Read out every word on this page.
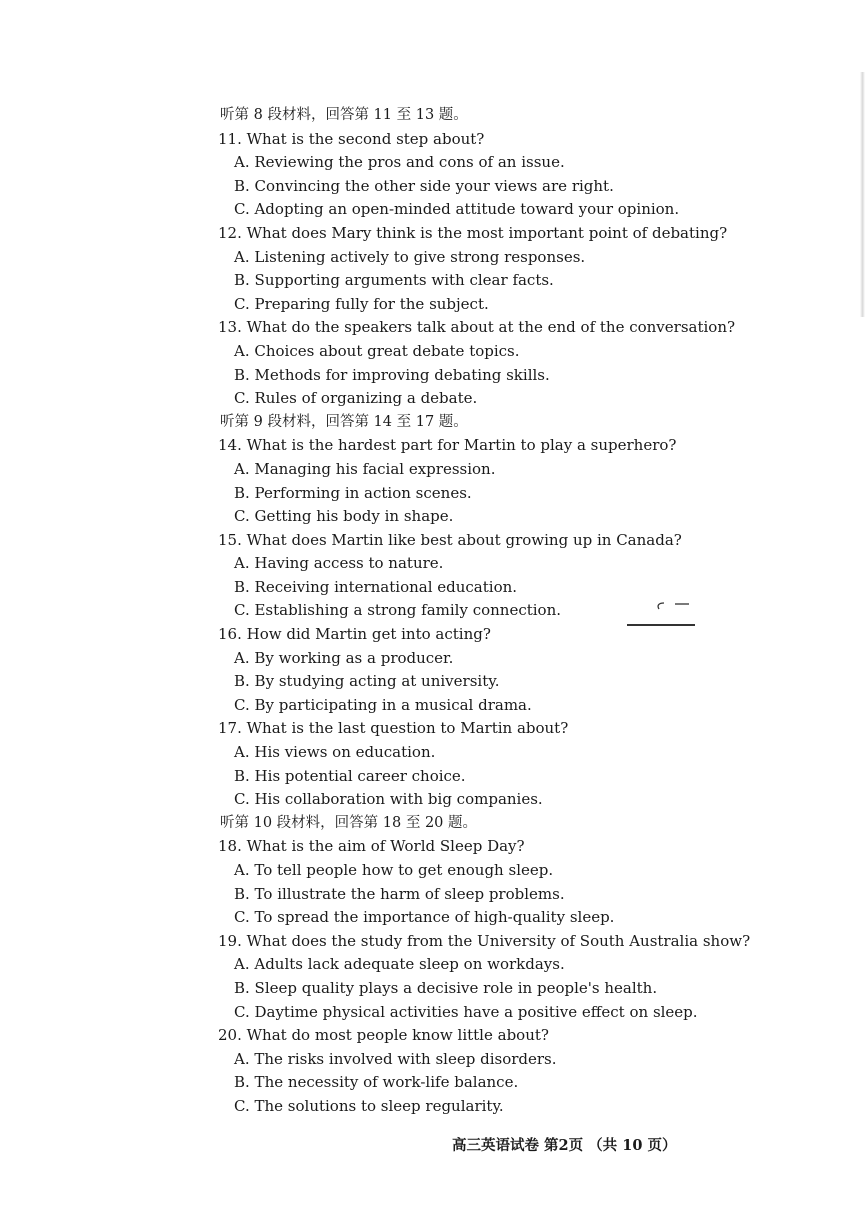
听第 8 段材料，回答第 11 至 13 题。
11. What is the second step about?
A. Reviewing the pros and cons of an issue.
B. Convincing the other side your views are right.
C. Adopting an open-minded attitude toward your opinion.
12. What does Mary think is the most important point of debating?
A. Listening actively to give strong responses.
B. Supporting arguments with clear facts.
C. Preparing fully for the subject.
13. What do the speakers talk about at the end of the conversation?
A. Choices about great debate topics.
B. Methods for improving debating skills.
C. Rules of organizing a debate.
听第 9 段材料，回答第 14 至 17 题。
14. What is the hardest part for Martin to play a superhero?
A. Managing his facial expression.
B. Performing in action scenes.
C. Getting his body in shape.
15. What does Martin like best about growing up in Canada?
A. Having access to nature.
B. Receiving international education.
C. Establishing a strong family connection.
16. How did Martin get into acting?
A. By working as a producer.
B. By studying acting at university.
C. By participating in a musical drama.
17. What is the last question to Martin about?
A. His views on education.
B. His potential career choice.
C. His collaboration with big companies.
听第 10 段材料，回答第 18 至 20 题。
18. What is the aim of World Sleep Day?
A. To tell people how to get enough sleep.
B. To illustrate the harm of sleep problems.
C. To spread the importance of high-quality sleep.
19. What does the study from the University of South Australia show?
A. Adults lack adequate sleep on workdays.
B. Sleep quality plays a decisive role in people's health.
C. Daytime physical activities have a positive effect on sleep.
20. What do most people know little about?
A. The risks involved with sleep disorders.
B. The necessity of work-life balance.
C. The solutions to sleep regularity.
高三英语试卷 第2页 （共 10 页）
